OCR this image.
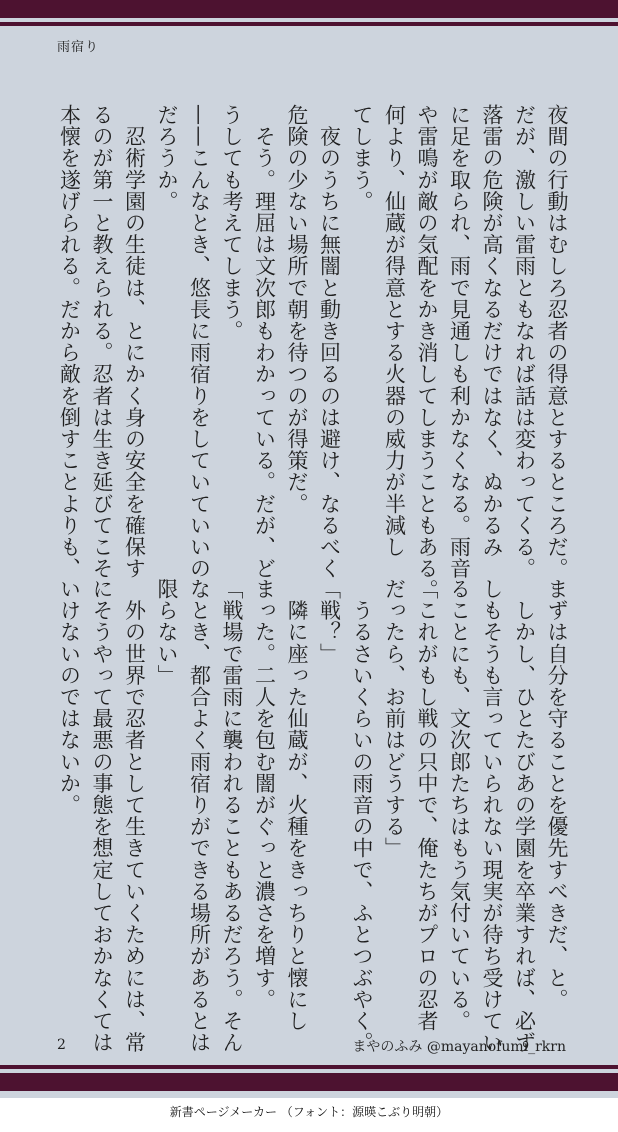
雨宿り
夜間の行動はむしろ忍者の得意とするところだ。
だが、激しい雷雨ともなれば話は変わってくる。
落雷の危険が高くなるだけではなく、ぬかるみ
に足を取られ、雨で見通しも利かなくなる。雨音
や雷鳴が敵の気配をかき消してしまうこともある。
何より、仙蔵が得意とする火器の威力が半減し
てしまう。
　夜のうちに無闇と動き回るのは避け、なるべく
危険の少ない場所で朝を待つのが得策だ。
　そう。理屈は文次郎もわかっている。だが、ど
うしても考えてしまう。
——こんなとき、悠長に雨宿りをしていていいの
だろうか。
　忍術学園の生徒は、とにかく身の安全を確保す
るのが第一と教えられる。忍者は生き延びてこそ
本懐を遂げられる。だから敵を倒すことよりも、
まずは自分を守ることを優先すべきだ、と。
　しかし、ひとたびあの学園を卒業すれば、必ず
しもそうも言っていられない現実が待ち受けてい
ることにも、文次郎たちはもう気付いている。
「これがもし戦の只中で、俺たちがプロの忍者
だったら、お前はどうする」
　うるさいくらいの雨音の中で、ふとつぶやく。
「戦？」
　隣に座った仙蔵が、火種をきっちりと懐にし
まった。二人を包む闇がぐっと濃さを増す。
「戦場で雷雨に襲われることもあるだろう。そん
なとき、都合よく雨宿りができる場所があるとは
限らない」
　外の世界で忍者として生きていくためには、常
にそうやって最悪の事態を想定しておかなくては
いけないのではないか。
2	まやのふみ @mayanofumi_rkrn
新書ページメーカー （フォント：源暎こぶり明朝）
